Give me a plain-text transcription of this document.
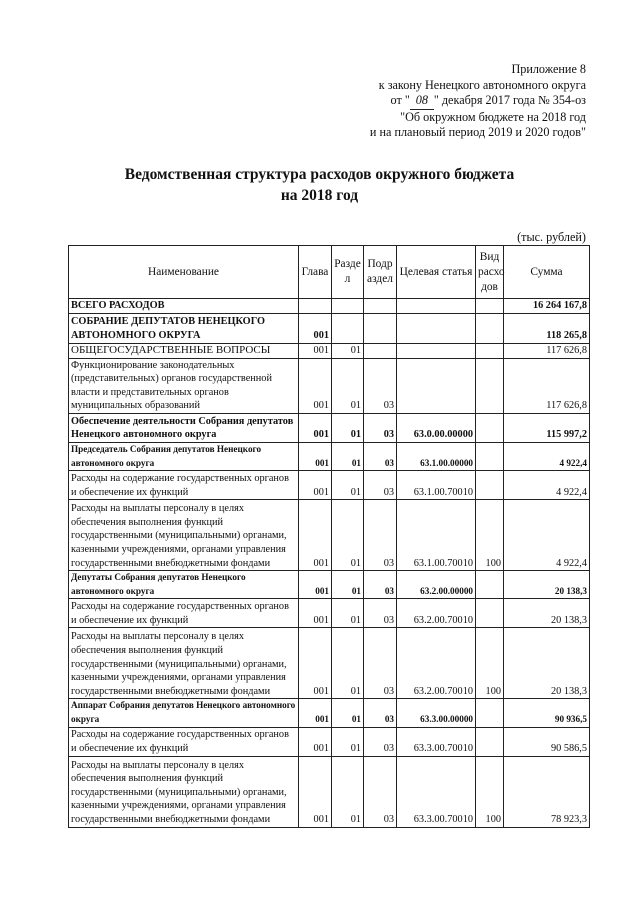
Приложение 8
к закону Ненецкого автономного округа
от " 08 " декабря 2017 года № 354-оз
"Об окружном бюджете на 2018 год
и на плановый период 2019 и 2020 годов"
Ведомственная структура расходов окружного бюджета
на 2018 год
(тыс. рублей)
Наименование	Глава	Разде л	Подр аздел	Целевая статья	Вид расхо дов	Сумма
ВСЕГО РАСХОДОВ						16 264 167,8
СОБРАНИЕ ДЕПУТАТОВ НЕНЕЦКОГО АВТОНОМНОГО ОКРУГА	001					118 265,8
ОБЩЕГОСУДАРСТВЕННЫЕ ВОПРОСЫ	001	01				117 626,8
Функционирование законодательных (представительных) органов государственной власти и представительных органов муниципальных образований	001	01	03			117 626,8
Обеспечение деятельности Собрания депутатов Ненецкого автономного округа	001	01	03	63.0.00.00000		115 997,2
Председатель Собрания депутатов Ненецкого автономного округа	001	01	03	63.1.00.00000		4 922,4
Расходы на содержание государственных органов и обеспечение их функций	001	01	03	63.1.00.70010		4 922,4
Расходы на выплаты персоналу в целях обеспечения выполнения функций государственными (муниципальными) органами, казенными учреждениями, органами управления государственными внебюджетными фондами	001	01	03	63.1.00.70010	100	4 922,4
Депутаты Собрания депутатов Ненецкого автономного округа	001	01	03	63.2.00.00000		20 138,3
Расходы на содержание государственных органов и обеспечение их функций	001	01	03	63.2.00.70010		20 138,3
Расходы на выплаты персоналу в целях обеспечения выполнения функций государственными (муниципальными) органами, казенными учреждениями, органами управления государственными внебюджетными фондами	001	01	03	63.2.00.70010	100	20 138,3
Аппарат Собрания депутатов Ненецкого автономного округа	001	01	03	63.3.00.00000		90 936,5
Расходы на содержание государственных органов и обеспечение их функций	001	01	03	63.3.00.70010		90 586,5
Расходы на выплаты персоналу в целях обеспечения выполнения функций государственными (муниципальными) органами, казенными учреждениями, органами управления государственными внебюджетными фондами	001	01	03	63.3.00.70010	100	78 923,3
